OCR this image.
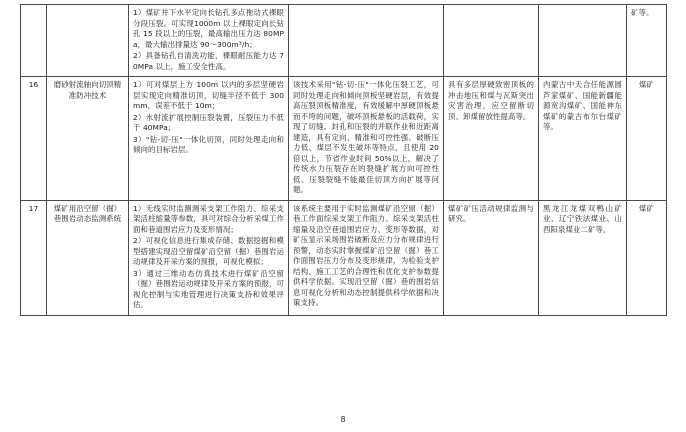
		1）煤矿井下水平定向长钻孔多点拖动式裸眼分段压裂。可实现1000m 以上裸眼定向长钻孔 15 段以上的压裂，最高输出压力达 80MPa，最大输出排量达 90～300m³/h；

2）具备钻孔自清洗功能，裸眼耐压能力达 70MPa 以上，施工安全性高。				矿等。
16	磨砂射流轴向切顶精准防冲技术	1）可对煤层上方 100m 以内的多层坚硬岩层实现定向精准切顶，切缝半径不低于 300mm，误差不低于 10m；

2）水射流扩展控制压裂装置，压裂压力不低于 40MPa；

3）"钻-切-压"一体化切顶，同时处理走向和倾向的目标岩层。	该技术采用"钻-切-压"一体化压裂工艺，可同时处理走向和倾向顶板坚硬岩层，有效提高压裂顶板精准度，有效缓解中厚硬顶板悬而不垮的问题，破坏顶板悬板的活载荷，实现了切缝、封孔和压裂的并联作业和近距离建造，具有定向、精准和可控性强、破断压力低、煤层不发生破坏等特点，且使用 20 倍以上，节省作业时间 50%以上，解决了传统水力压裂存在的裂缝扩展方向可控性低、压裂裂缝不能最佳切顶方向扩展等问题。	具有多层厚硬致密顶板的冲击地压和煤与瓦斯突出灾害治理，应空留断切顶、卸煤留放性提高等。	内蒙古中天合任能源圆芦家煤矿、国能新疆能源宽沟煤矿、国能神东煤矿的蒙古布尔台煤矿等。	煤矿
17	煤矿用沿空留（掘）巷围岩动态监测系统	1）无线实时监测测采支架工作阻力、综采支架活柱缩量等参数，具可对综合分析采煤工作面和巷道围岩应力及变形情况；

2）可视化信息进行集成存储、数据挖掘和模型搭建实现沿空留煤矿沿空留（掘）巷围岩运动规律及开采方案的预报，可视化模拟；

3）通过三维动态仿真技术进行煤矿沿空留（掘）巷围岩运动规律及开采方案的预报，可视化控制与实地管理进行决策支持和效果评估。	该系统主要用于实时监测煤矿沿空留（掘）巷工作面综采支架工作阻力、综采支架活柱缩量及沿空巷道围岩应力、变形等数据，对矿压显示采场围岩破断及应力分布规律进行预警，动态实时掌握煤矿沿空留（掘）巷工作面围岩压力分布及变形规律，为检验支护结构、施工工艺的合理性和优化支护参数提供科学依据。实现沿空留（掘）巷的围岩信息可视化分析和动态控制提供科学依据和决策支持。	煤矿矿压活动规律监测与研究。	黑龙江龙煤双鸭山矿业、辽宁铁法煤业、山西阳泉煤业二矿等。	煤矿
8
